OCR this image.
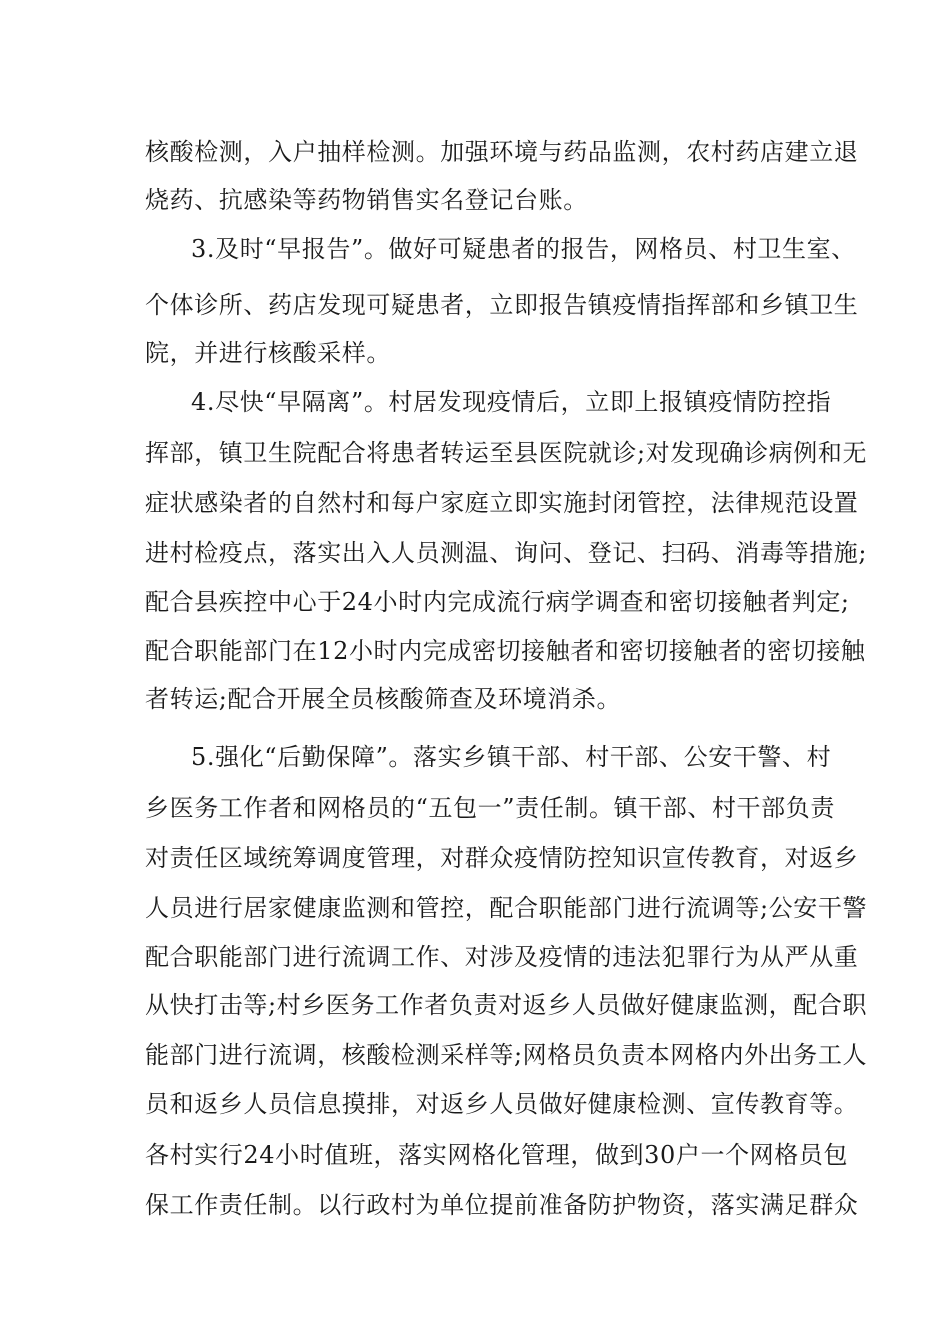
核酸检测，入户抽样检测。加强环境与药品监测，农村药店建立退

烧药、抗感染等药物销售实名登记台账。

3.及时“早报告”。做好可疑患者的报告，网格员、村卫生室、

个体诊所、药店发现可疑患者，立即报告镇疫情指挥部和乡镇卫生

院，并进行核酸采样。

4.尽快“早隔离”。村居发现疫情后，立即上报镇疫情防控指

挥部，镇卫生院配合将患者转运至县医院就诊;对发现确诊病例和无

症状感染者的自然村和每户家庭立即实施封闭管控，法律规范设置

进村检疫点，落实出入人员测温、询问、登记、扫码、消毒等措施;

配合县疾控中心于24小时内完成流行病学调查和密切接触者判定;

配合职能部门在12小时内完成密切接触者和密切接触者的密切接触

者转运;配合开展全员核酸筛查及环境消杀。

5.强化“后勤保障”。落实乡镇干部、村干部、公安干警、村

乡医务工作者和网格员的“五包一”责任制。镇干部、村干部负责

对责任区域统筹调度管理，对群众疫情防控知识宣传教育，对返乡

人员进行居家健康监测和管控，配合职能部门进行流调等;公安干警

配合职能部门进行流调工作、对涉及疫情的违法犯罪行为从严从重

从快打击等;村乡医务工作者负责对返乡人员做好健康监测，配合职

能部门进行流调，核酸检测采样等;网格员负责本网格内外出务工人

员和返乡人员信息摸排，对返乡人员做好健康检测、宣传教育等。

各村实行24小时值班，落实网格化管理，做到30户一个网格员包

保工作责任制。以行政村为单位提前准备防护物资，落实满足群众
